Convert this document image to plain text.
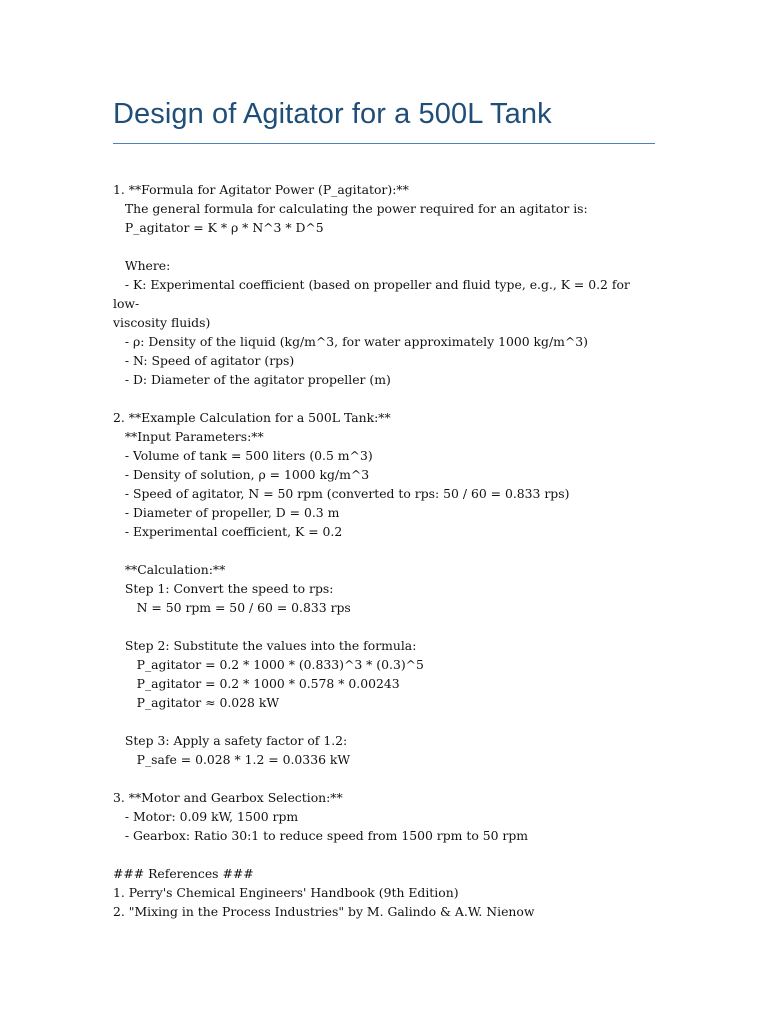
Design of Agitator for a 500L Tank
1. **Formula for Agitator Power (P_agitator):**
The general formula for calculating the power required for an agitator is:
P_agitator = K * ρ * N^3 * D^5
Where:
- K: Experimental coefficient (based on propeller and fluid type, e.g., K = 0.2 for low-
viscosity fluids)
- ρ: Density of the liquid (kg/m^3, for water approximately 1000 kg/m^3)
- N: Speed of agitator (rps)
- D: Diameter of the agitator propeller (m)
2. **Example Calculation for a 500L Tank:**
**Input Parameters:**
- Volume of tank = 500 liters (0.5 m^3)
- Density of solution, ρ = 1000 kg/m^3
- Speed of agitator, N = 50 rpm (converted to rps: 50 / 60 = 0.833 rps)
- Diameter of propeller, D = 0.3 m
- Experimental coefficient, K = 0.2
**Calculation:**
Step 1: Convert the speed to rps:
N = 50 rpm = 50 / 60 = 0.833 rps
Step 2: Substitute the values into the formula:
P_agitator = 0.2 * 1000 * (0.833)^3 * (0.3)^5
P_agitator = 0.2 * 1000 * 0.578 * 0.00243
P_agitator ≈ 0.028 kW
Step 3: Apply a safety factor of 1.2:
P_safe = 0.028 * 1.2 = 0.0336 kW
3. **Motor and Gearbox Selection:**
- Motor: 0.09 kW, 1500 rpm
- Gearbox: Ratio 30:1 to reduce speed from 1500 rpm to 50 rpm
### References ###
1. Perry's Chemical Engineers' Handbook (9th Edition)
2. "Mixing in the Process Industries" by M. Galindo & A.W. Nienow
